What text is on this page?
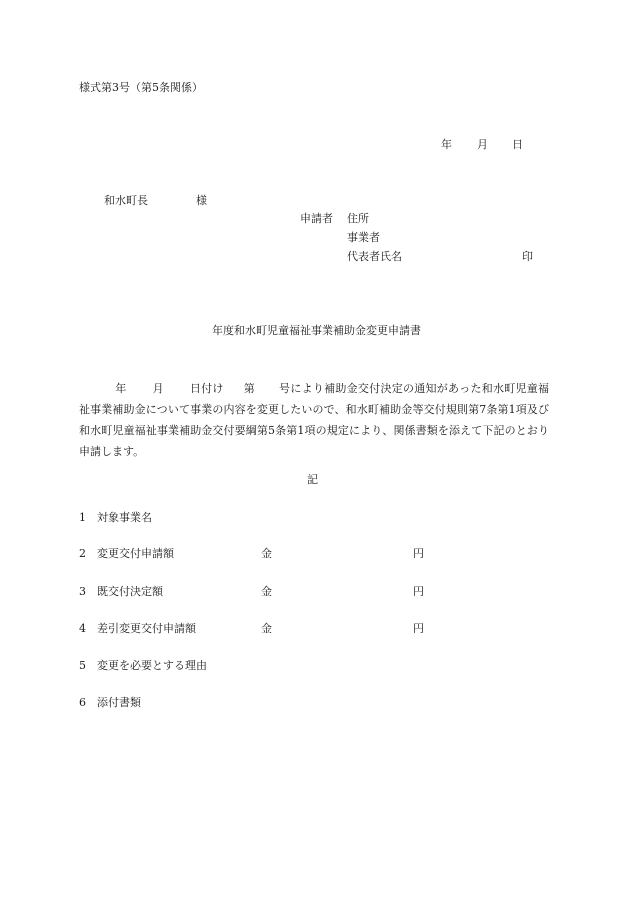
様式第3号（第5条関係）
年 月 日
和水町長	様
申請者 住所
事業者
代表者氏名	印
年度和水町児童福祉事業補助金変更申請書
年 月 日付け 第 号により補助金交付決定の通知があった和水町児童福祉事業補助金について事業の内容を変更したいので、和水町補助金等交付規則第7条第1項及び和水町児童福祉事業補助金交付要綱第5条第1項の規定により、関係書類を添えて下記のとおり申請します。
記
1 対象事業名
2 変更交付申請額	金	円
3 既交付決定額	金	円
4 差引変更交付申請額	金	円
5 変更を必要とする理由
6 添付書類
